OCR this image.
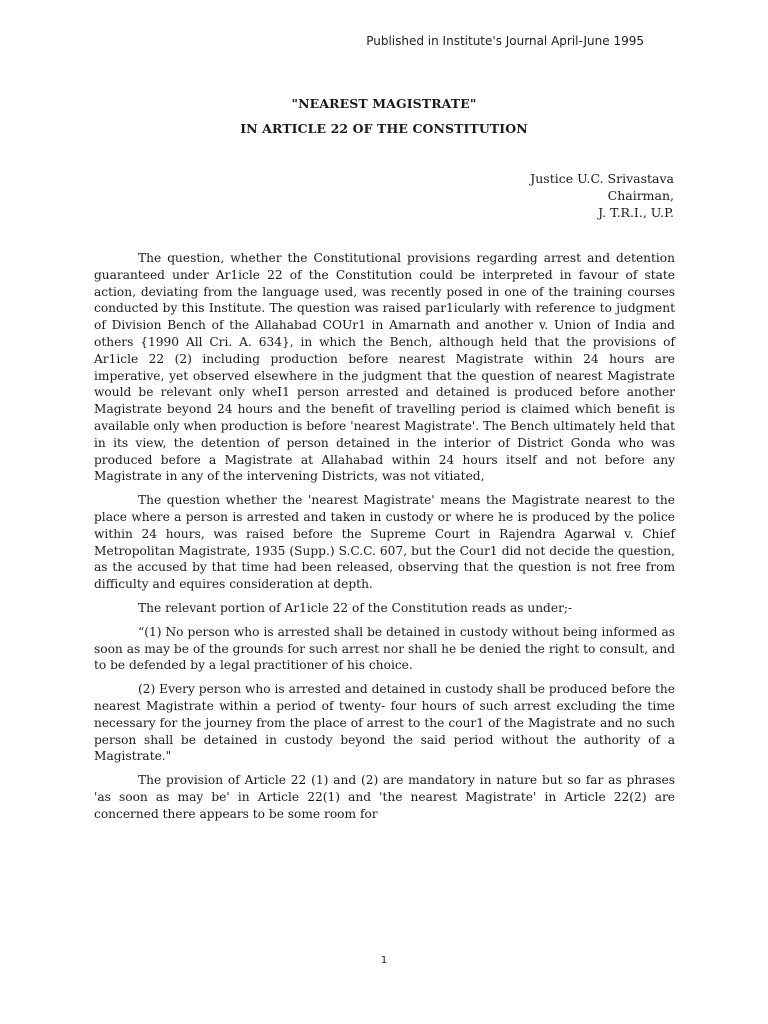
Published in Institute's Journal April-June 1995
"NEAREST MAGISTRATE"
IN ARTICLE 22 OF THE CONSTITUTION
Justice U.C. Srivastava
Chairman,
J. T.R.I., U.P.

The question, whether the Constitutional provisions regarding arrest and detention guaranteed under Ar1icle 22 of the Constitution could be interpreted in favour of state action, deviating from the language used, was recently posed in one of the training courses conducted by this Institute. The question was raised par1icularly with reference to judgment of Division Bench of the Allahabad COUr1 in Amarnath and another v. Union of India and others {1990 All Cri. A. 634}, in which the Bench, although held that the provisions of Ar1icle 22 (2) including production before nearest Magistrate within 24 hours are imperative, yet observed elsewhere in the judgment that the question of nearest Magistrate would be relevant only wheI1 person arrested and detained is produced before another Magistrate beyond 24 hours and the benefit of travelling period is claimed which benefit is available only when production is before 'nearest Magistrate'. The Bench ultimately held that in its view, the detention of person detained in the interior of District Gonda who was produced before a Magistrate at Allahabad within 24 hours itself and not before any Magistrate in any of the intervening Districts, was not vitiated,

The question whether the 'nearest Magistrate' means the Magistrate nearest to the place where a person is arrested and taken in custody or where he is produced by the police within 24 hours, was raised before the Supreme Court in Rajendra Agarwal v. Chief Metropolitan Magistrate, 1935 (Supp.) S.C.C. 607, but the Cour1 did not decide the question, as the accused by that time had been released, observing that the question is not free from difficulty and equires consideration at depth.

The relevant portion of Ar1icle 22 of the Constitution reads as under;-

“(1) No person who is arrested shall be detained in custody without being informed as soon as may be of the grounds for such arrest nor shall he be denied the right to consult, and to be defended by a legal practitioner of his choice.

(2) Every person who is arrested and detained in custody shall be produced before the nearest Magistrate within a period of twenty- four hours of such arrest excluding the time necessary for the journey from the place of arrest to the cour1 of the Magistrate and no such person shall be detained in custody beyond the said period without the authority of a Magistrate."

The provision of Article 22 (1) and (2) are mandatory in nature but so far as phrases 'as soon as may be' in Article 22(1) and 'the nearest Magistrate' in Article 22(2) are concerned there appears to be some room for

1
